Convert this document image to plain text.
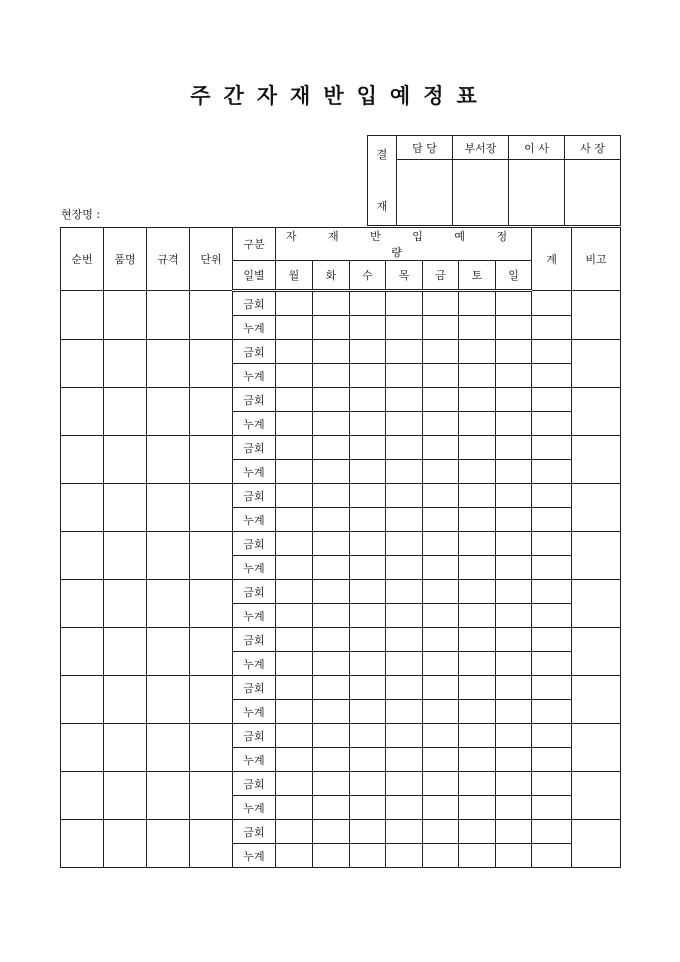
주간자재반입예정표
현장명 :
결

재	담 당	부서장	이 사	사 장

순번	품명	규격	단위	구분	자 재 반 입 예 정 량							계	비고
				일별	월	화	수	목	금	토	일		
				금회									
				누계									
				금회									
				누계									
				금회									
				누계									
				금회									
				누계									
				금회									
				누계									
				금회									
				누계									
				금회									
				누계									
				금회									
				누계									
				금회									
				누계									
				금회									
				누계									
				금회									
				누계									
				금회									
				누계									
